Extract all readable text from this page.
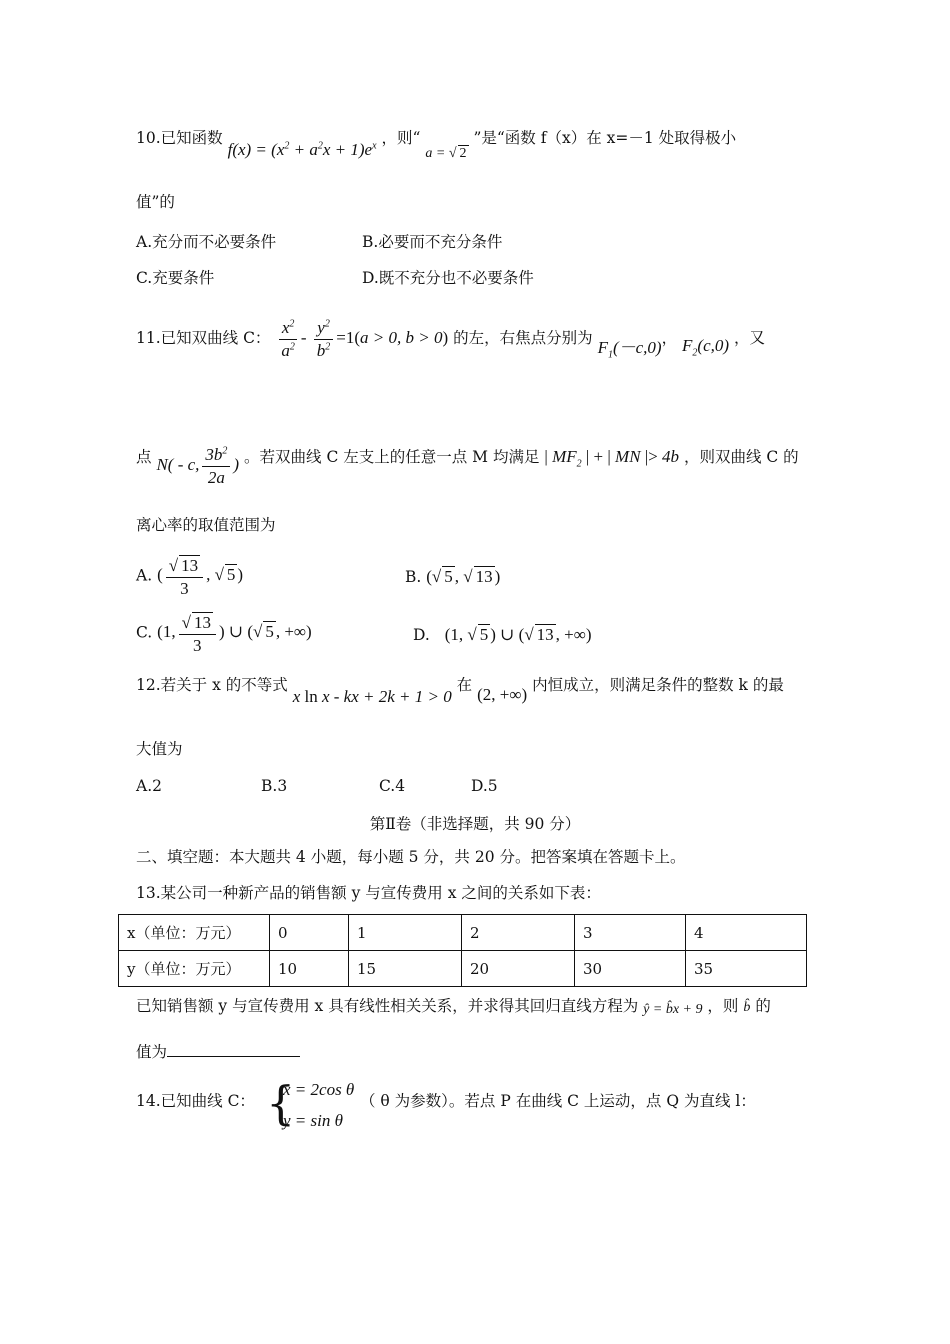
10.已知函数 $f(x) = (x^2 + a^2x + 1)e^x$ ，则“ a = √ 2 ”是“函数 f（x）在 x=－1 处取得极小
值”的
A.充分而不必要条件	B.必要而不充分条件
C.充要条件	D.既不充分也不必要条件
11.已知双曲线 C： $\frac{x^2}{a^2} - \frac{y^2}{b^2} =1(a > 0$, b > 0) 的左，右焦点分别为 $F_1(-c,0)$， $F_2(c,0)$ ，又
点 N( - c, $\frac{3b^2}{2a}$ ) 。若双曲线 C 左支上的任意一点 M 均满足 | $MF_2$ | + | MN |> 4b ，则双曲线 C 的
离心率的取值范围为
A. ( $\frac{√ 13}{3}$ , √ 5 )	B. (√ 5 , √ 13 )
C. (1, $\frac{√ 13}{3}$ ) ∪ (√ 5 , +∞)	D. (1, √ 5 ) ∪ (√ 13 , +∞)
12.若关于 x 的不等式 x ln x - kx + 2k + 1 > 0 在 (2, +∞) 内恒成立，则满足条件的整数 k 的最
大值为
A.2	B.3	C.4	D.5
第Ⅱ卷（非选择题，共 90 分）
二、填空题：本大题共 4 小题，每小题 5 分，共 20 分。把答案填在答题卡上。
13.某公司一种新产品的销售额 y 与宣传费用 x 之间的关系如下表：
x（单位：万元）	0	1	2	3	4
y（单位：万元）	10	15	20	30	35
已知销售额 y 与宣传费用 x 具有线性相关关系，并求得其回归直线方程为 ŷ = b̂x + 9 ，则 b̂ 的
值为
14.已知曲线 C： {
x = 2cos θ
y = sin θ
（ θ 为参数）。若点 P 在曲线 C 上运动，点 Q 为直线 l：
